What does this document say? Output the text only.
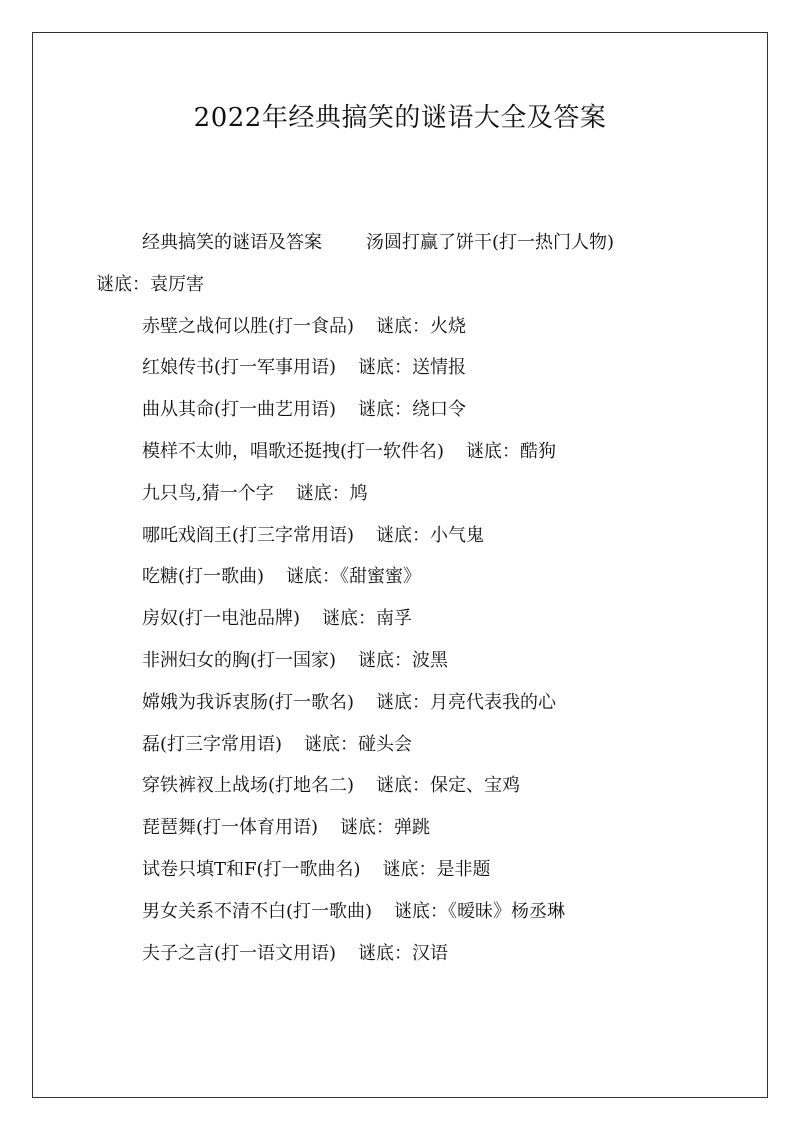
2022年经典搞笑的谜语大全及答案

经典搞笑的谜语及答案 汤圆打赢了饼干(打一热门人物)

谜底：袁厉害

赤壁之战何以胜(打一食品) 谜底：火烧

红娘传书(打一军事用语) 谜底：送情报

曲从其命(打一曲艺用语) 谜底：绕口令

模样不太帅，唱歌还挺拽(打一软件名) 谜底：酷狗

九只鸟,猜一个字 谜底：鸠

哪吒戏阎王(打三字常用语) 谜底：小气鬼

吃糖(打一歌曲) 谜底：《甜蜜蜜》

房奴(打一电池品牌) 谜底：南孚

非洲妇女的胸(打一国家) 谜底：波黑

嫦娥为我诉衷肠(打一歌名) 谜底：月亮代表我的心

磊(打三字常用语) 谜底：碰头会

穿铁裤衩上战场(打地名二) 谜底：保定、宝鸡

琵琶舞(打一体育用语) 谜底：弹跳

试卷只填T和F(打一歌曲名) 谜底：是非题

男女关系不清不白(打一歌曲) 谜底：《暧昧》杨丞琳

夫子之言(打一语文用语) 谜底：汉语
